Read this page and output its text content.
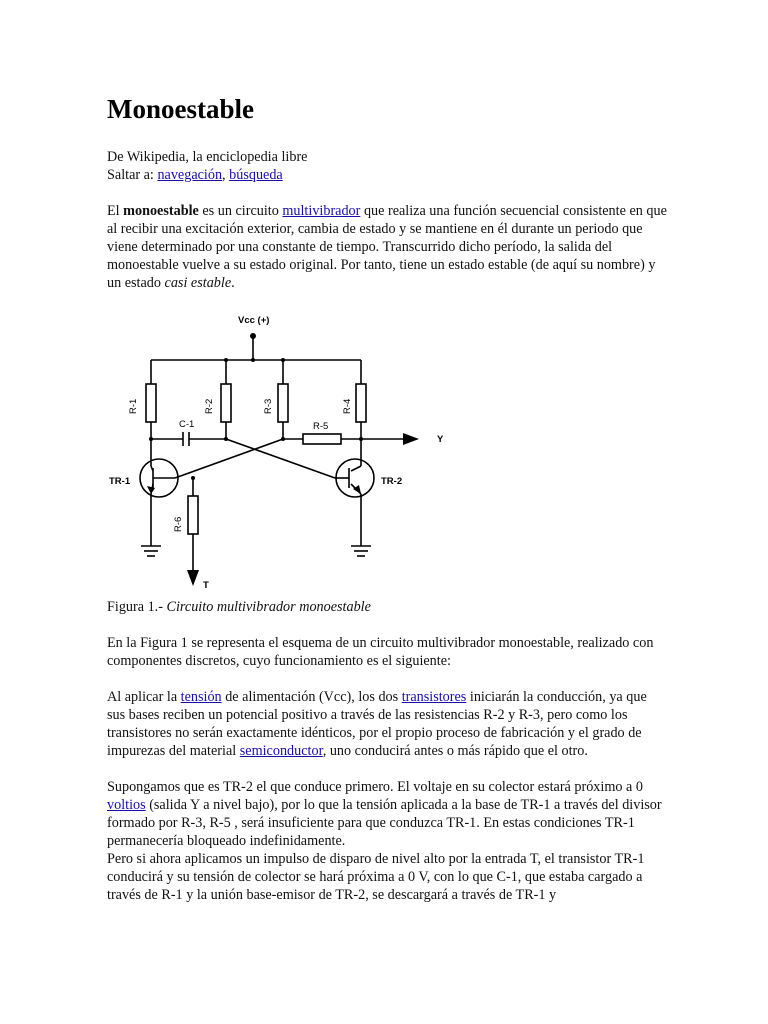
Monoestable
De Wikipedia, la enciclopedia libre
Saltar a: navegación, búsqueda

El monoestable es un circuito multivibrador que realiza una función secuencial consistente en que al recibir una excitación exterior, cambia de estado y se mantiene en él durante un periodo que viene determinado por una constante de tiempo. Transcurrido dicho período, la salida del monoestable vuelve a su estado original. Por tanto, tiene un estado estable (de aquí su nombre) y un estado casi estable.

Vcc (+)
Y
T
TR-1	TR-2
R-1	R-2	R-3	R-4
R-6
R-5
C-1
Figura 1.- Circuito multivibrador monoestable

En la Figura 1 se representa el esquema de un circuito multivibrador monoestable, realizado con componentes discretos, cuyo funcionamiento es el siguiente:

Al aplicar la tensión de alimentación (Vcc), los dos transistores iniciarán la conducción, ya que sus bases reciben un potencial positivo a través de las resistencias R-2 y R-3, pero como los transistores no serán exactamente idénticos, por el propio proceso de fabricación y el grado de impurezas del material semiconductor, uno conducirá antes o más rápido que el otro.

Supongamos que es TR-2 el que conduce primero. El voltaje en su colector estará próximo a 0 voltios (salida Y a nivel bajo), por lo que la tensión aplicada a la base de TR-1 a través del divisor formado por R-3, R-5 , será insuficiente para que conduzca TR-1. En estas condiciones TR-1 permanecería bloqueado indefinidamente.

Pero si ahora aplicamos un impulso de disparo de nivel alto por la entrada T, el transistor TR-1 conducirá y su tensión de colector se hará próxima a 0 V, con lo que C-1, que estaba cargado a través de R-1 y la unión base-emisor de TR-2, se descargará a través de TR-1 y
